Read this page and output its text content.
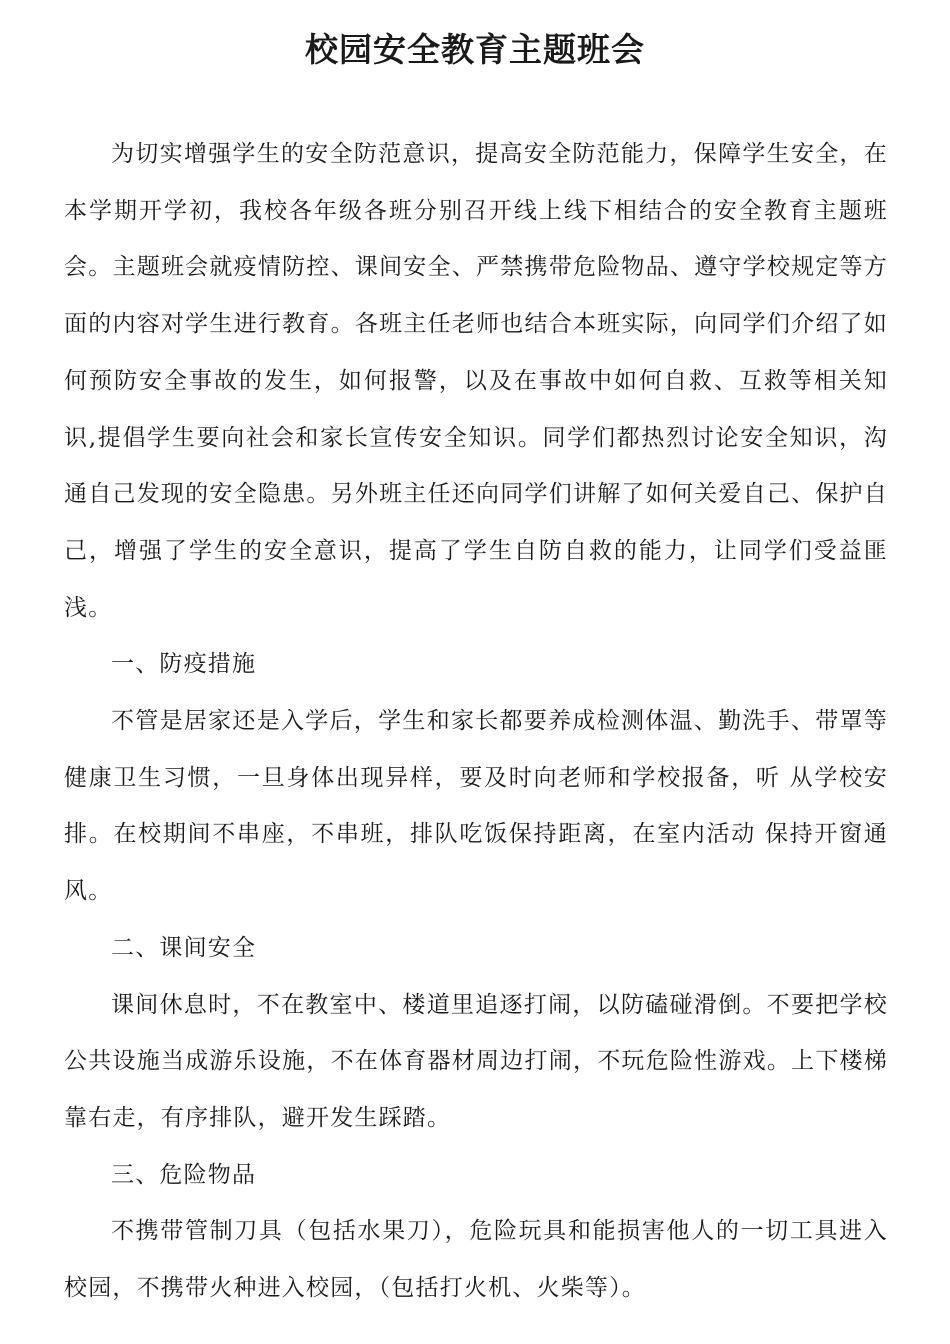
校园安全教育主题班会

为切实增强学生的安全防范意识，提高安全防范能力，保障学生安全，在本学期开学初，我校各年级各班分别召开线上线下相结合的安全教育主题班会。主题班会就疫情防控、课间安全、严禁携带危险物品、遵守学校规定等方面的内容对学生进行教育。各班主任老师也结合本班实际，向同学们介绍了如何预防安全事故的发生，如何报警，以及在事故中如何自救、互救等相关知识,提倡学生要向社会和家长宣传安全知识。同学们都热烈讨论安全知识，沟通自己发现的安全隐患。另外班主任还向同学们讲解了如何关爱自己、保护自己，增强了学生的安全意识，提高了学生自防自救的能力，让同学们受益匪浅。

一、防疫措施

不管是居家还是入学后，学生和家长都要养成检测体温、勤洗手、带罩等健康卫生习惯，一旦身体出现异样，要及时向老师和学校报备，听 从学校安排。在校期间不串座，不串班，排队吃饭保持距离，在室内活动 保持开窗通风。

二、课间安全

课间休息时，不在教室中、楼道里追逐打闹，以防磕碰滑倒。不要把学校公共设施当成游乐设施，不在体育器材周边打闹，不玩危险性游戏。上下楼梯靠右走，有序排队，避开发生踩踏。

三、危险物品

不携带管制刀具（包括水果刀），危险玩具和能损害他人的一切工具进入校园，不携带火种进入校园，（包括打火机、火柴等）。
